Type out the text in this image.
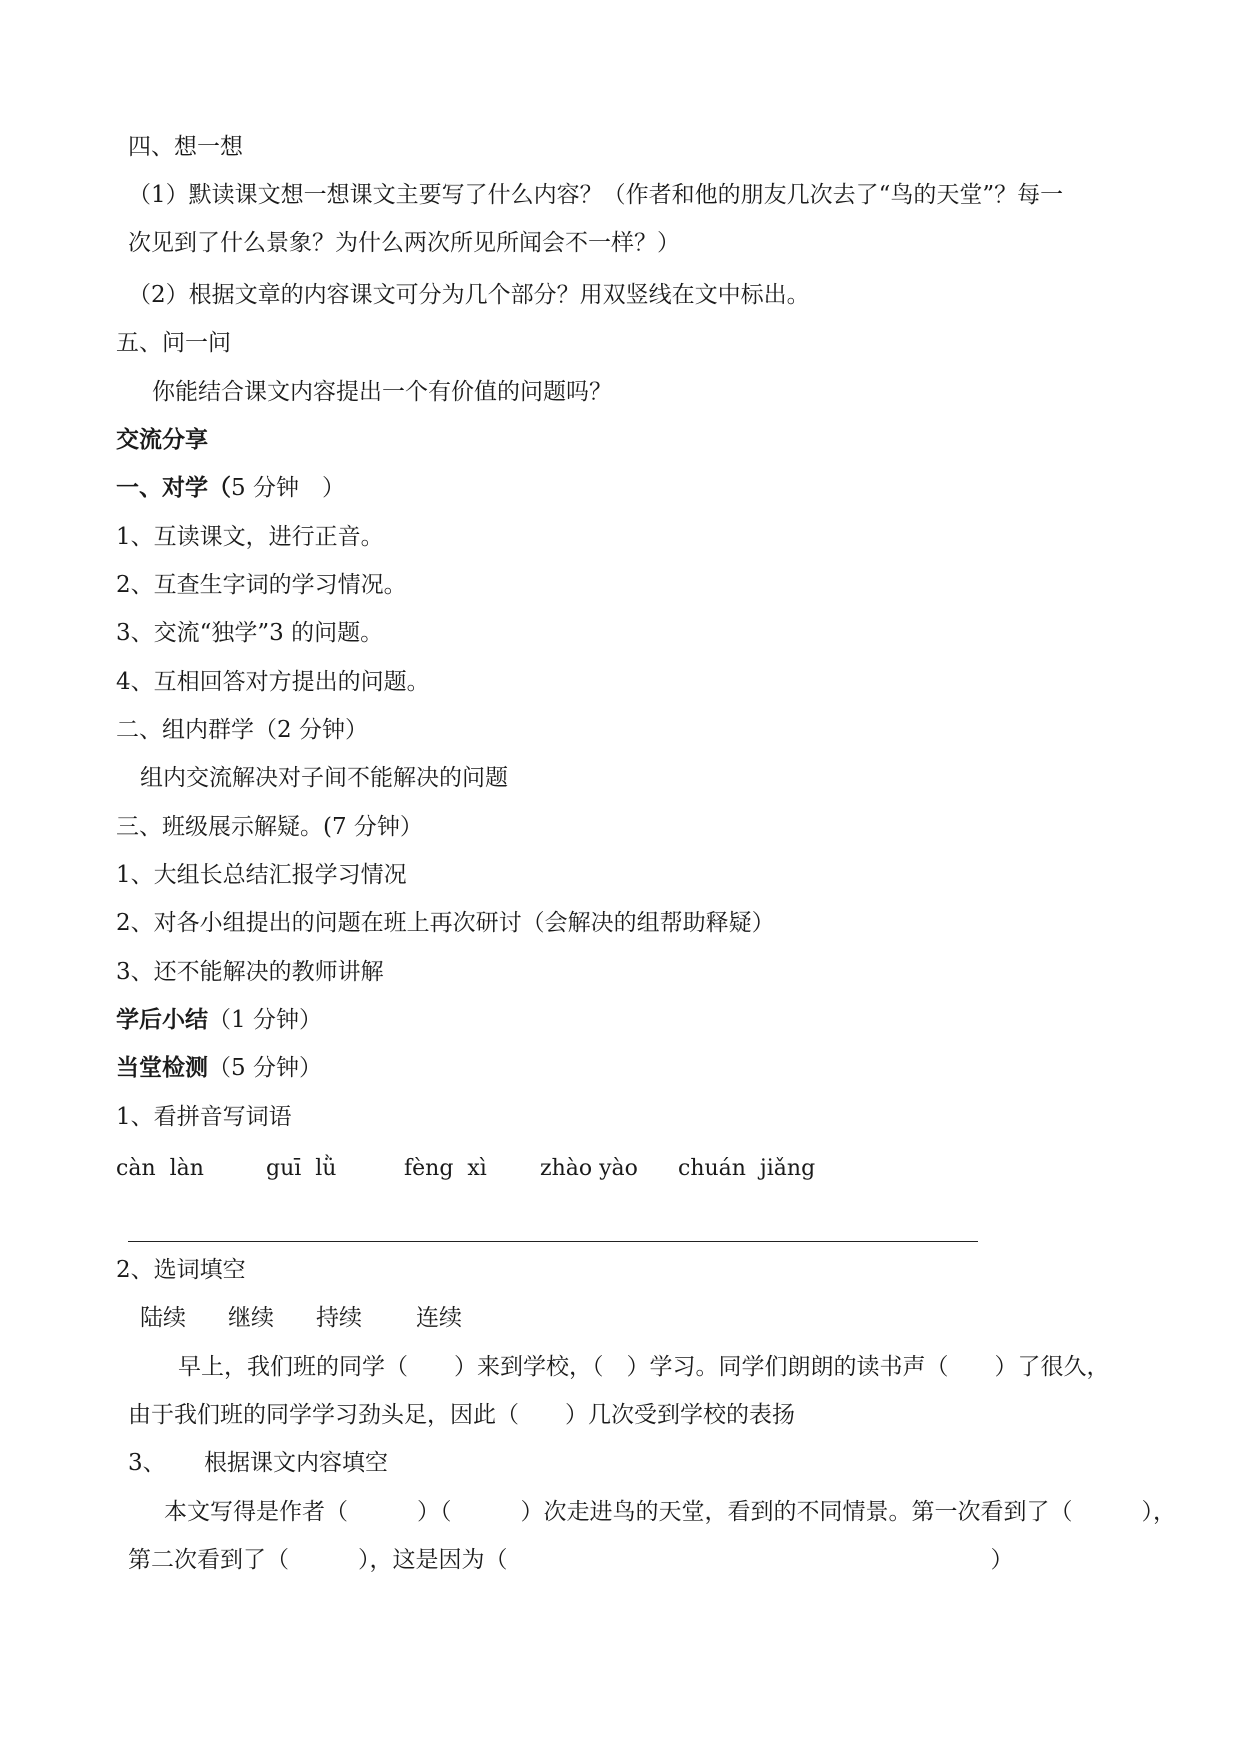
四、想一想
（1）默读课文想一想课文主要写了什么内容？（作者和他的朋友几次去了“鸟的天堂”？每一
次见到了什么景象？为什么两次所见所闻会不一样？）
（2）根据文章的内容课文可分为几个部分？用双竖线在文中标出。
五、问一问
你能结合课文内容提出一个有价值的问题吗？
交流分享
一、对学（5 分钟　）
1、互读课文，进行正音。
2、互查生字词的学习情况。
3、交流“独学”3 的问题。
4、互相回答对方提出的问题。
二、组内群学（2 分钟）
组内交流解决对子间不能解决的问题
三、班级展示解疑。(7 分钟）
1、大组长总结汇报学习情况
2、对各小组提出的问题在班上再次研讨（会解决的组帮助释疑）
3、还不能解决的教师讲解
学后小结（1 分钟）
当堂检测（5 分钟）
1、看拼音写词语
càn  làn	guī  lǜ	fèng  xì zhào yào chuán  jiǎng
2、选词填空
陆续 继续 持续 连续
早上，我们班的同学（　　）来到学校，（　）学习。同学们朗朗的读书声（　　）了很久，
由于我们班的同学学习劲头足，因此（　　）几次受到学校的表扬
3、 根据课文内容填空
本文写得是作者（　　　）（　　　）次走进鸟的天堂，看到的不同情景。第一次看到了（　　　），
第二次看到了（　　　），这是因为（　　　　　　　　　　　　　　　　　　　　　）
